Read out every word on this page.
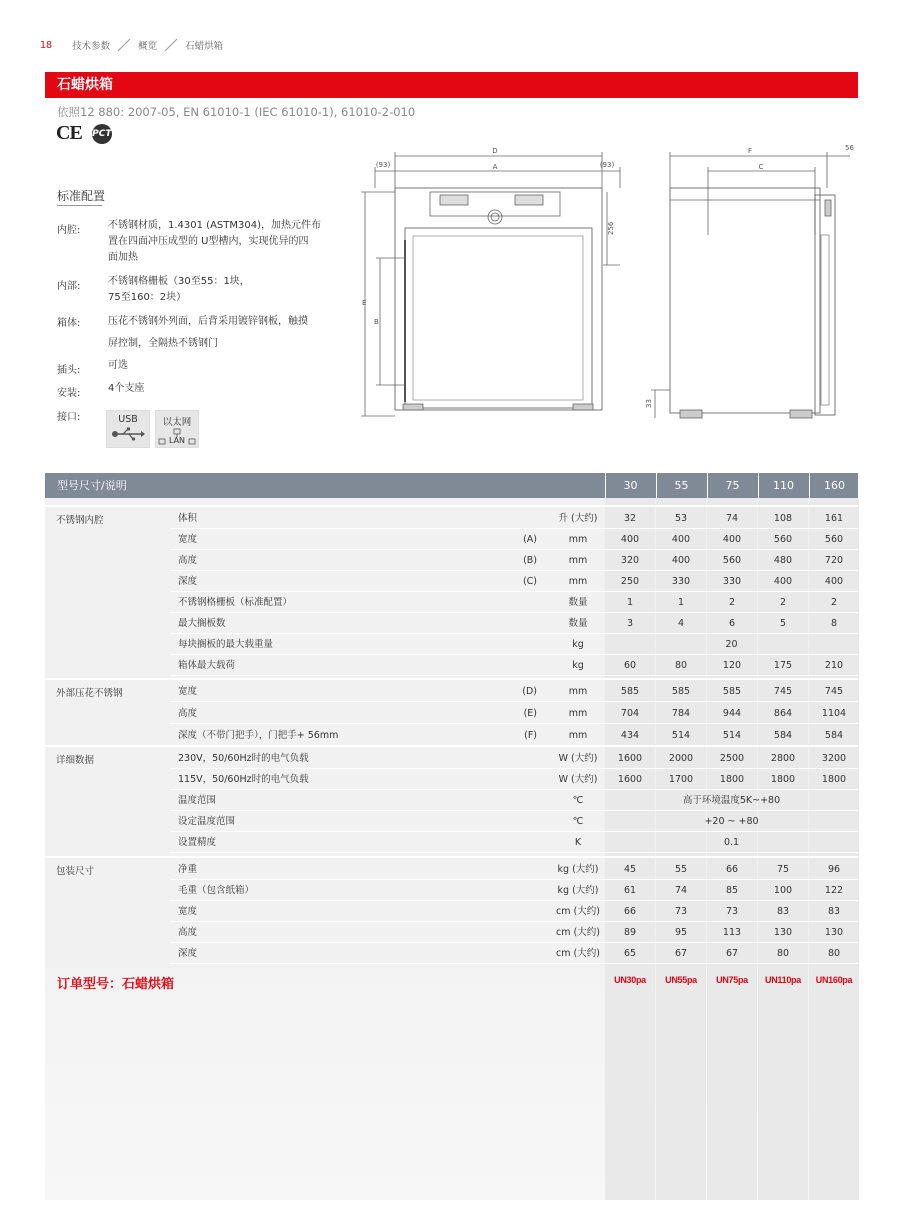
18 技术参数	概览	石蜡烘箱
石蜡烘箱
依照12 880: 2007-05, EN 61010-1 (IEC 61010-1), 61010-2-010
CE PCT
标准配置
内腔:	不锈钢材质，1.4301 (ASTM304)，加热元件布
置在四面冲压成型的 U型槽内，实现优异的四
面加热
内部:	不锈钢格栅板（30至55：1块，
75至160：2块）
箱体:	压花不锈钢外列面，后背采用镀锌钢板，触摸
屏控制，全隔热不锈钢门
插头:	可选
安装:	4个支座
接口:	USB	以太网
LAN
D
A
(93)	(93)
256
E
B
F
C
56
33
型号尺寸/说明	30	55	75	110	160
不锈钢内腔	体积	升 (大约)	32	53	74	108	161
宽度	(A)	mm	400	400	400	560	560
高度	(B)	mm	320	400	560	480	720
深度	(C)	mm	250	330	330	400	400
不锈钢格栅板（标准配置）	数量	1	1	2	2	2
最大搁板数	数量	3	4	6	5	8
每块搁板的最大载重量	kg	20
箱体最大载荷	kg	60	80	120	175	210
外部压花不锈钢	宽度	(D)	mm	585	585	585	745	745
高度	(E)	mm	704	784	944	864	1104
深度（不带门把手），门把手+ 56mm	(F)	mm	434	514	514	584	584
详细数据	230V，50/60Hz时的电气负载	W (大约)	1600	2000	2500	2800	3200
115V，50/60Hz时的电气负载	W (大约)	1600	1700	1800	1800	1800
温度范围	℃	高于环境温度5K~+80
设定温度范围	℃	+20 ~ +80
设置精度	K	0.1
包装尺寸	净重	kg (大约)	45	55	66	75	96
毛重（包含纸箱）	kg (大约)	61	74	85	100	122
宽度	cm (大约)	66	73	73	83	83
高度	cm (大约)	89	95	113	130	130
深度	cm (大约)	65	67	67	80	80
订单型号：石蜡烘箱	UN30pa	UN55pa	UN75pa	UN110pa	UN160pa
